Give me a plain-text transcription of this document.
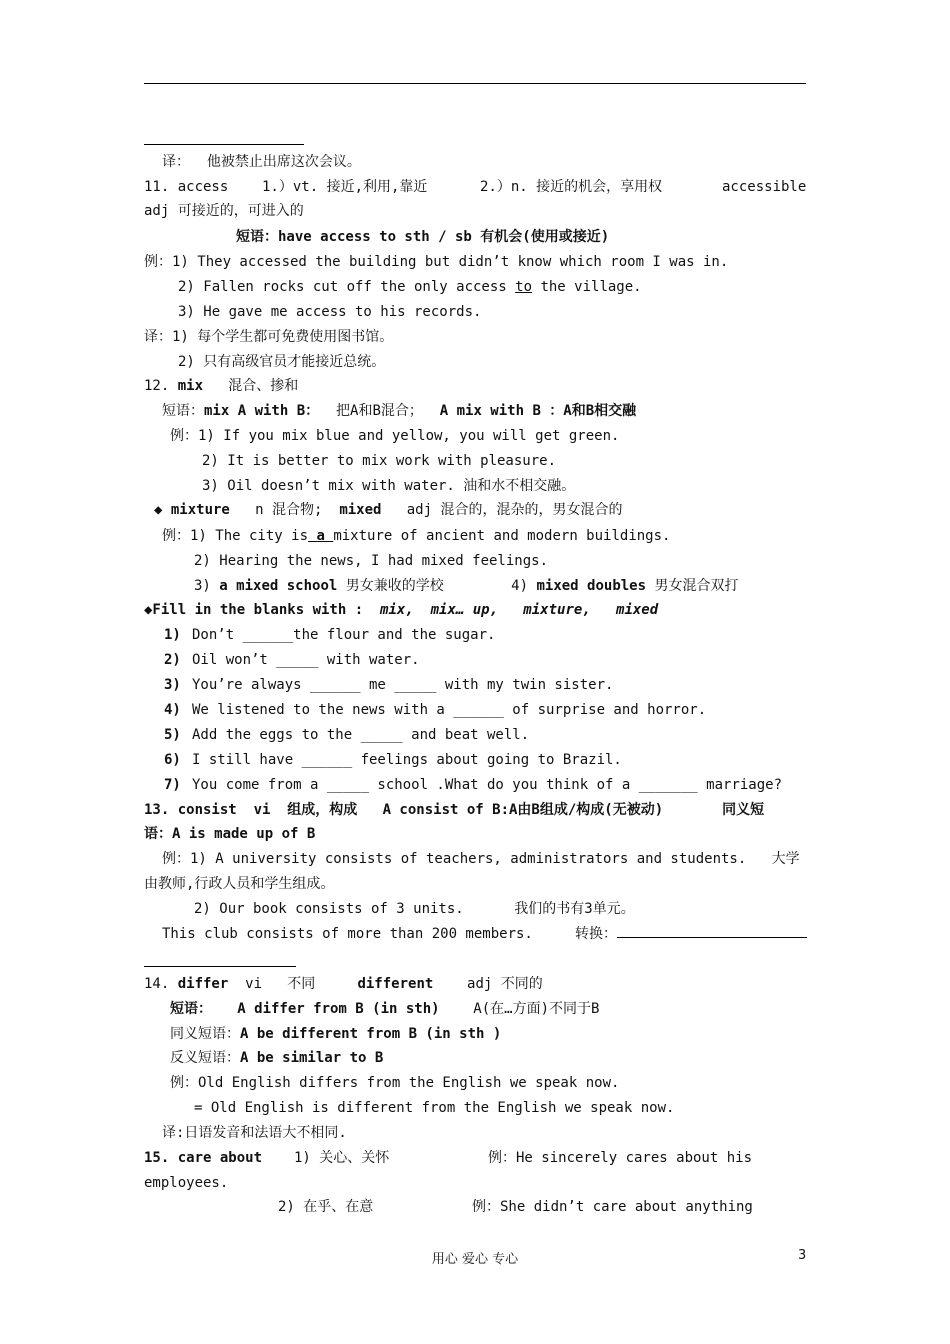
译：  他被禁止出席这次会议。
11. access 1.）vt. 接近,利用,靠近	2.）n. 接近的机会，享用权	accessible
adj 可接近的，可进入的
短语：have access to sth / sb 有机会(使用或接近)
例：1) They accessed the building but didn’t know which room I was in.
2) Fallen rocks cut off the only access to the village.
3) He gave me access to his records.
译：1) 每个学生都可免费使用图书馆。
2) 只有高级官员才能接近总统。
12. mix   混合、掺和
短语：mix A with B：  把A和B混合；  A mix with B ：A和B相交融
例：1) If you mix blue and yellow, you will get green.
2) It is better to mix work with pleasure.
3) Oil doesn’t mix with water. 油和水不相交融。
◆ mixture   n 混合物;  mixed   adj 混合的，混杂的，男女混合的
例：1) The city is a mixture of ancient and modern buildings.
2) Hearing the news, I had mixed feelings.
3) a mixed school 男女兼收的学校        4) mixed doubles 男女混合双打
◆Fill in the blanks with :  mix,  mix… up,   mixture,   mixed
1) Don’t ______the flour and the sugar.
2) Oil won’t _____ with water.
3) You’re always ______ me _____ with my twin sister.
4) We listened to the news with a ______ of surprise and horror.
5) Add the eggs to the _____ and beat well.
6) I still have ______ feelings about going to Brazil.
7) You come from a _____ school .What do you think of a _______ marriage?
13. consist  vi  组成，构成   A consist of B:A由B组成/构成(无被动)       同义短
语：A is made up of B
例：1) A university consists of teachers, administrators and students.   大学
由教师,行政人员和学生组成。
2) Our book consists of 3 units.      我们的书有3单元。
This club consists of more than 200 members.     转换：
14. differ  vi   不同     different    adj 不同的
短语：   A differ from B (in sth)    A(在…方面)不同于B
同义短语：A be different from B (in sth )
反义短语：A be similar to B
例：Old English differs from the English we speak now.
= Old English is different from the English we speak now.
译:日语发音和法语大不相同.
15. care about 1) 关心、关怀	例：He sincerely cares about his
employees.
2) 在乎、在意	例：She didn’t care about anything
用心 爱心 专心	3
